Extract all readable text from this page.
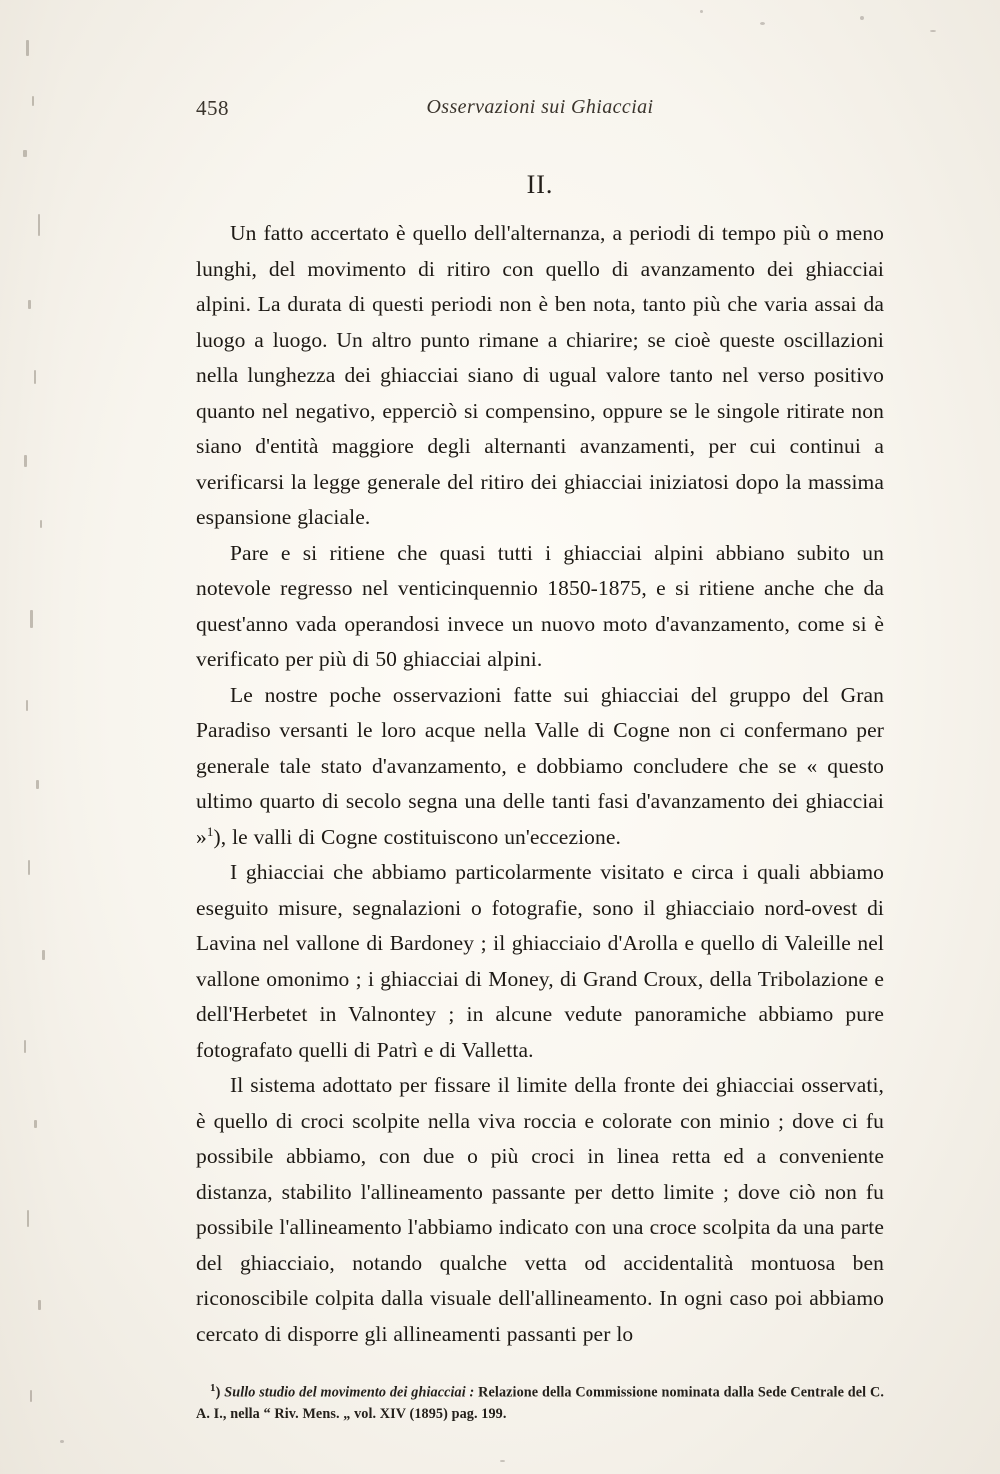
458	Osservazioni sui Ghiacciai
II.

Un fatto accertato è quello dell'alternanza, a periodi di tempo più o meno lunghi, del movimento di ritiro con quello di avanzamento dei ghiacciai alpini. La durata di questi periodi non è ben nota, tanto più che varia assai da luogo a luogo. Un altro punto rimane a chiarire; se cioè queste oscillazioni nella lunghezza dei ghiacciai siano di ugual valore tanto nel verso positivo quanto nel negativo, epperciò si compensino, oppure se le singole ritirate non siano d'entità maggiore degli alternanti avanzamenti, per cui continui a verificarsi la legge generale del ritiro dei ghiacciai iniziatosi dopo la massima espansione glaciale.

Pare e si ritiene che quasi tutti i ghiacciai alpini abbiano subito un notevole regresso nel venticinquennio 1850-1875, e si ritiene anche che da quest'anno vada operandosi invece un nuovo moto d'avanzamento, come si è verificato per più di 50 ghiacciai alpini.

Le nostre poche osservazioni fatte sui ghiacciai del gruppo del Gran Paradiso versanti le loro acque nella Valle di Cogne non ci confermano per generale tale stato d'avanzamento, e dobbiamo concludere che se « questo ultimo quarto di secolo segna una delle tanti fasi d'avanzamento dei ghiacciai »$^1$), le valli di Cogne costituiscono un'eccezione.

I ghiacciai che abbiamo particolarmente visitato e circa i quali abbiamo eseguito misure, segnalazioni o fotografie, sono il ghiacciaio nord-ovest di Lavina nel vallone di Bardoney ; il ghiacciaio d'Arolla e quello di Valeille nel vallone omonimo ; i ghiacciai di Money, di Grand Croux, della Tribolazione e dell'Herbetet in Valnontey ; in alcune vedute panoramiche abbiamo pure fotografato quelli di Patrì e di Valletta.

Il sistema adottato per fissare il limite della fronte dei ghiacciai osservati, è quello di croci scolpite nella viva roccia e colorate con minio ; dove ci fu possibile abbiamo, con due o più croci in linea retta ed a conveniente distanza, stabilito l'allineamento passante per detto limite ; dove ciò non fu possibile l'allineamento l'abbiamo indicato con una croce scolpita da una parte del ghiacciaio, notando qualche vetta od accidentalità montuosa ben riconoscibile colpita dalla visuale dell'allineamento. In ogni caso poi abbiamo cercato di disporre gli allineamenti passanti per lo

$^1$) Sullo studio del movimento dei ghiacciai : Relazione della Commissione nominata dalla Sede Centrale del C. A. I., nella “ Riv. Mens. „ vol. XIV (1895) pag. 199.
